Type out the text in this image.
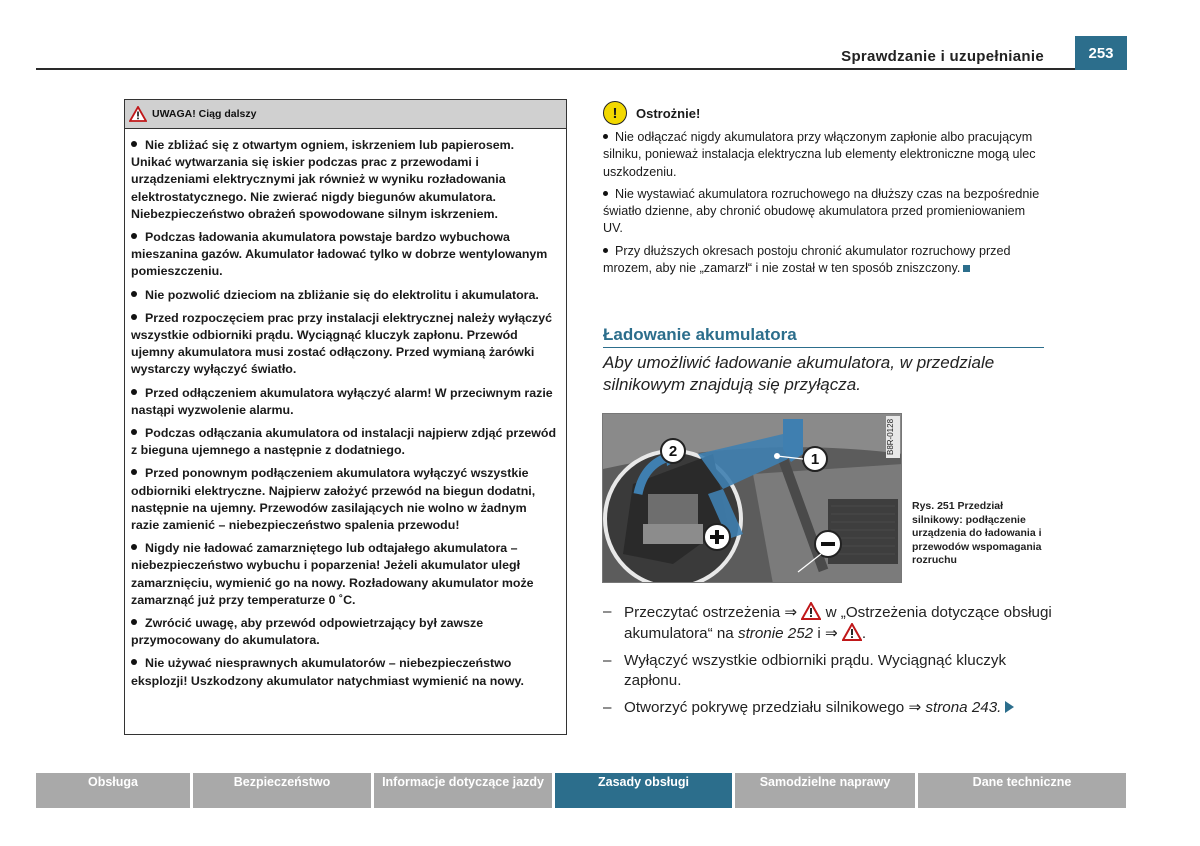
Sprawdzanie i uzupełnianie	253
UWAGA! Ciąg dalszy
Nie zbliżać się z otwartym ogniem, iskrzeniem lub papierosem. Unikać wytwarzania się iskier podczas prac z przewodami i urządzeniami elektrycznymi jak również w wyniku rozładowania elektrostatycznego. Nie zwierać nigdy biegunów akumulatora. Niebezpieczeństwo obrażeń spowodowane silnym iskrzeniem.
Podczas ładowania akumulatora powstaje bardzo wybuchowa mieszanina gazów. Akumulator ładować tylko w dobrze wentylowanym pomieszczeniu.
Nie pozwolić dzieciom na zbliżanie się do elektrolitu i akumulatora.
Przed rozpoczęciem prac przy instalacji elektrycznej należy wyłączyć wszystkie odbiorniki prądu. Wyciągnąć kluczyk zapłonu. Przewód ujemny akumulatora musi zostać odłączony. Przed wymianą żarówki wystarczy wyłączyć światło.
Przed odłączeniem akumulatora wyłączyć alarm! W przeciwnym razie nastąpi wyzwolenie alarmu.
Podczas odłączania akumulatora od instalacji najpierw zdjąć przewód z bieguna ujemnego a następnie z dodatniego.
Przed ponownym podłączeniem akumulatora wyłączyć wszystkie odbiorniki elektryczne. Najpierw założyć przewód na biegun dodatni, następnie na ujemny. Przewodów zasilających nie wolno w żadnym razie zamienić – niebezpieczeństwo spalenia przewodu!
Nigdy nie ładować zamarzniętego lub odtajałego akumulatora – niebezpieczeństwo wybuchu i poparzenia! Jeżeli akumulator uległ zamarznięciu, wymienić go na nowy. Rozładowany akumulator może zamarznąć już przy temperaturze 0 ˚C.
Zwrócić uwagę, aby przewód odpowietrzający był zawsze przymocowany do akumulatora.
Nie używać niesprawnych akumulatorów – niebezpieczeństwo eksplozji! Uszkodzony akumulator natychmiast wymienić na nowy.
!	Ostrożnie!
Nie odłączać nigdy akumulatora przy włączonym zapłonie albo pracującym silniku, ponieważ instalacja elektryczna lub elementy elektroniczne mogą ulec uszkodzeniu.
Nie wystawiać akumulatora rozruchowego na dłuższy czas na bezpośrednie światło dzienne, aby chronić obudowę akumulatora przed promieniowaniem UV.
Przy dłuższych okresach postoju chronić akumulator rozruchowy przed mrozem, aby nie „zamarzł“ i nie został w ten sposób zniszczony.
Ładowanie akumulatora
Aby umożliwić ładowanie akumulatora, w przedziale silnikowym znajdują się przyłącza.
2	1
B8R-0128
Rys. 251 Przedział silnikowy: podłączenie urządzenia do ładowania i przewodów wspomagania rozruchu
– Przeczytać ostrzeżenia ⇒  w „Ostrzeżenia dotyczące obsługi akumulatora“ na stronie 252 i ⇒ .
– Wyłączyć wszystkie odbiorniki prądu. Wyciągnąć kluczyk zapłonu.
– Otworzyć pokrywę przedziału silnikowego ⇒ strona 243.
Obsługa	Bezpieczeństwo	Informacje dotyczące jazdy	Zasady obsługi	Samodzielne naprawy	Dane techniczne
